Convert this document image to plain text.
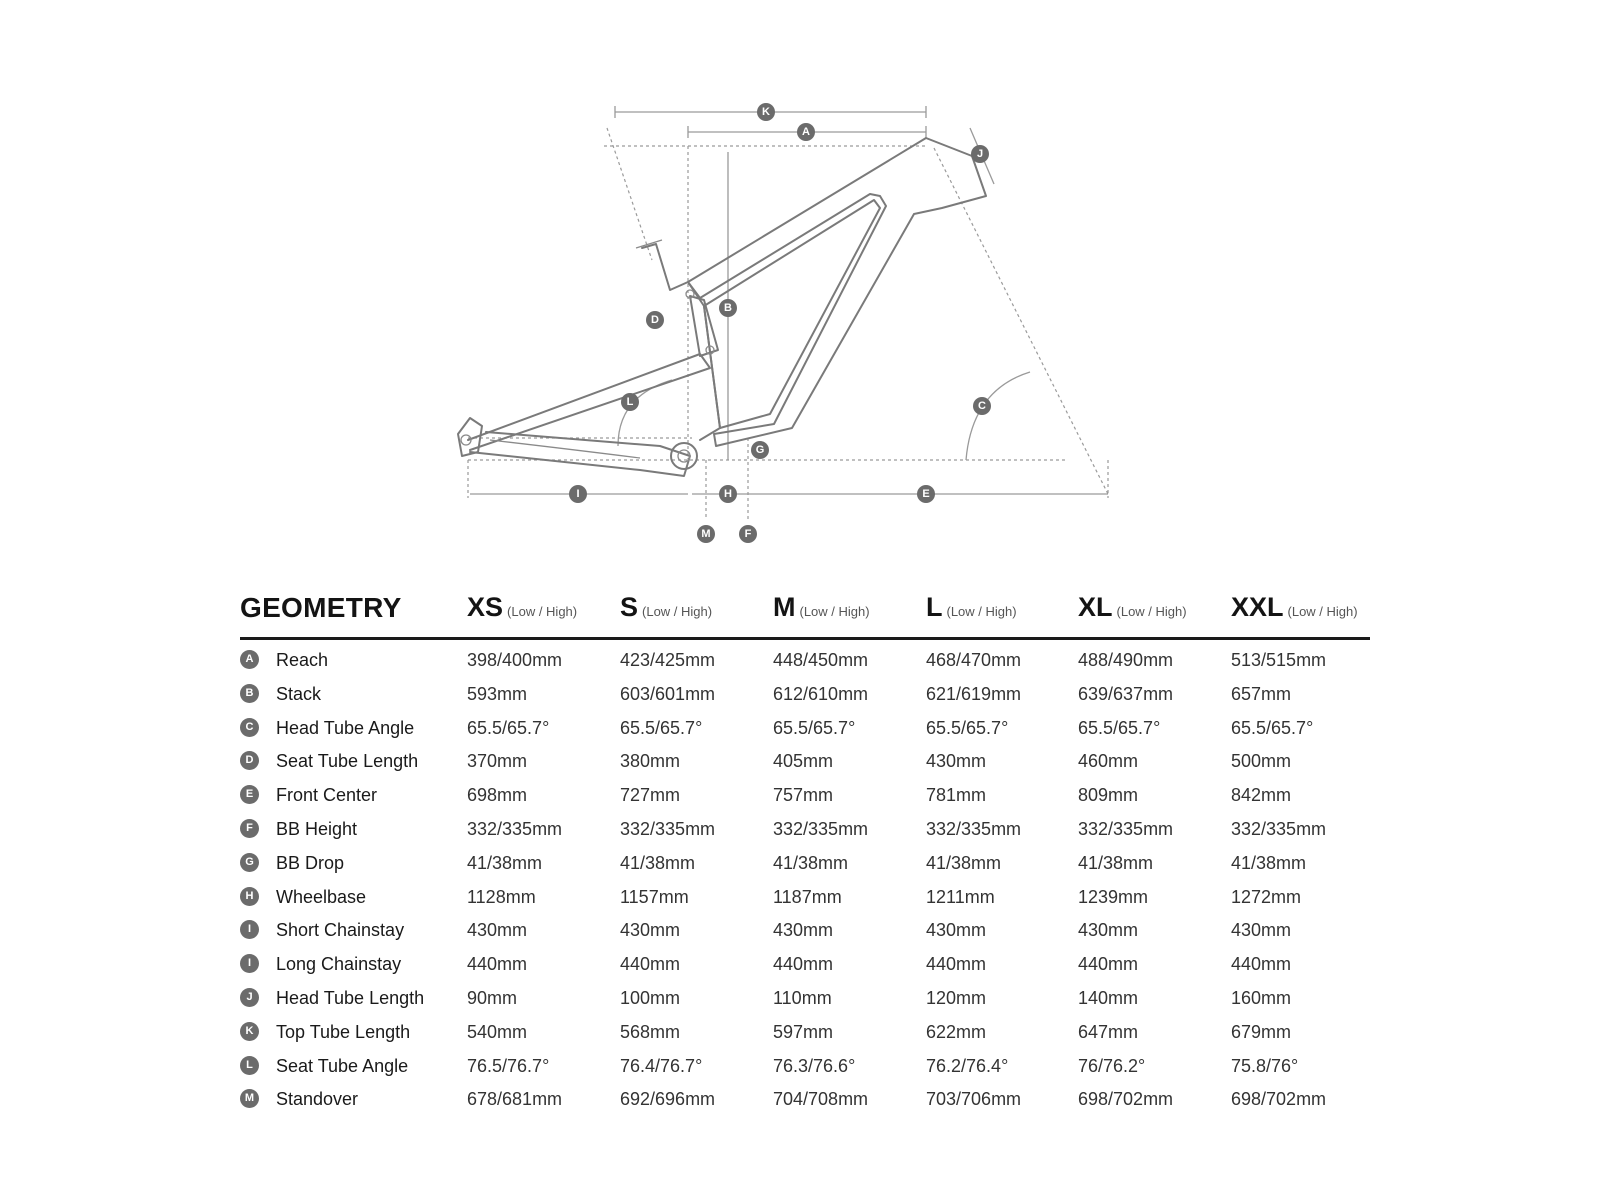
K
A
J
B
D
L	C
G
I	H	E
M	F
GEOMETRY XS (Low / High) S (Low / High) M (Low / High) L (Low / High) XL (Low / High) XXL (Low / High)
A	Reach	398/400mm	423/425mm	448/450mm	468/470mm	488/490mm	513/515mm
B	Stack	593mm	603/601mm	612/610mm	621/619mm	639/637mm	657mm
C	Head Tube Angle	65.5/65.7°	65.5/65.7°	65.5/65.7°	65.5/65.7°	65.5/65.7°	65.5/65.7°
D	Seat Tube Length	370mm	380mm	405mm	430mm	460mm	500mm
E	Front Center	698mm	727mm	757mm	781mm	809mm	842mm
F	BB Height	332/335mm	332/335mm	332/335mm	332/335mm	332/335mm	332/335mm
G BB Drop	41/38mm	41/38mm	41/38mm	41/38mm	41/38mm	41/38mm
H	Wheelbase	1128mm	1157mm	1187mm	1211mm	1239mm	1272mm
I	Short Chainstay	430mm	430mm	430mm	430mm	430mm	430mm
I	Long Chainstay	440mm	440mm	440mm	440mm	440mm	440mm
J	Head Tube Length 90mm	100mm	110mm	120mm	140mm	160mm
K	Top Tube Length	540mm	568mm	597mm	622mm	647mm	679mm
L	Seat Tube Angle	76.5/76.7°	76.4/76.7°	76.3/76.6°	76.2/76.4°	76/76.2°	75.8/76°
M Standover	678/681mm	692/696mm	704/708mm	703/706mm	698/702mm	698/702mm
